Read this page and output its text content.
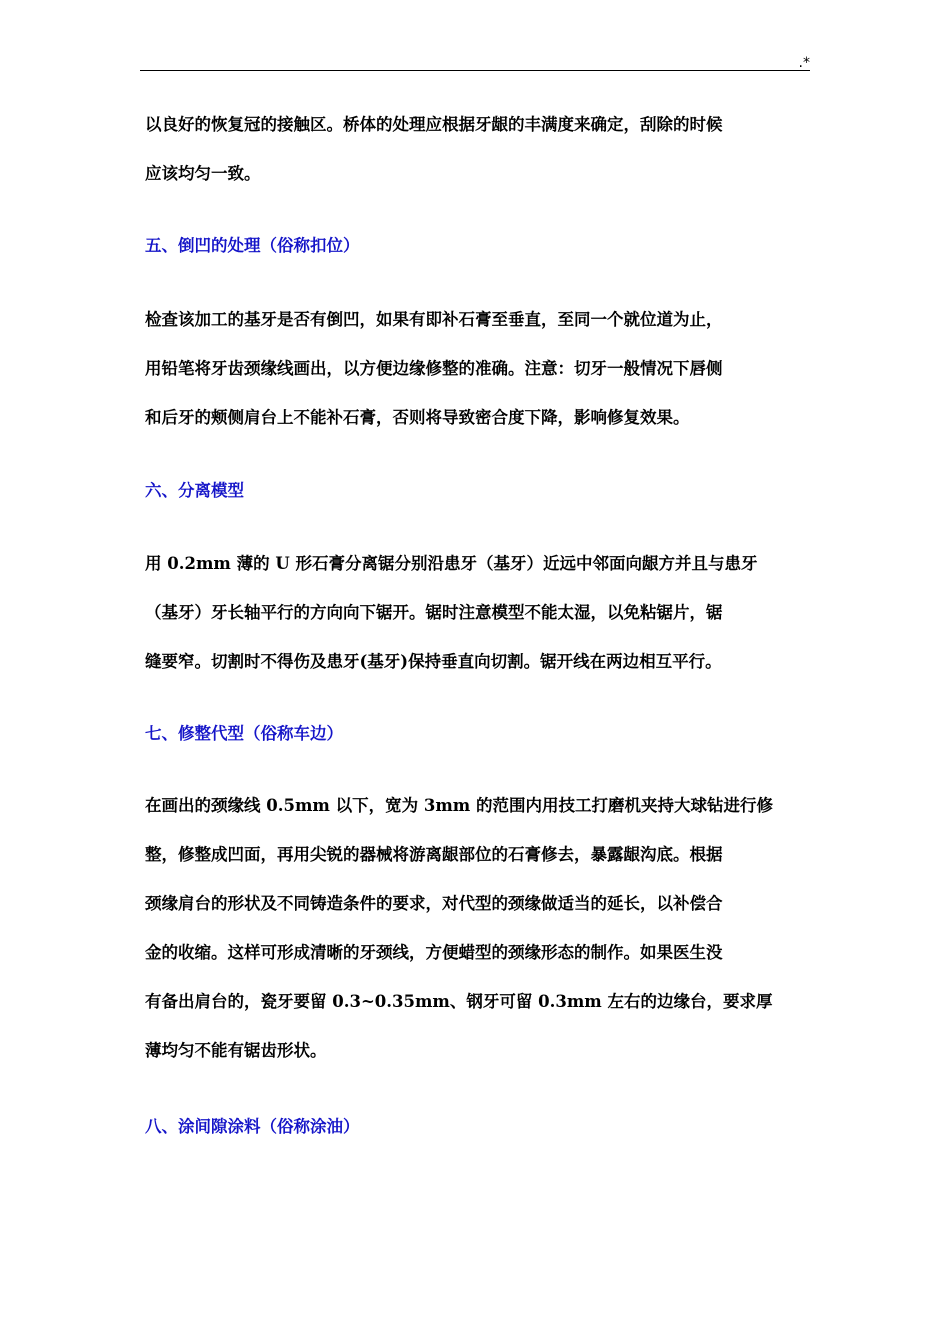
.*
以良好的恢复冠的接触区。桥体的处理应根据牙龈的丰满度来确定，刮除的时候
应该均匀一致。
五、倒凹的处理（俗称扣位）
检查该加工的基牙是否有倒凹，如果有即补石膏至垂直，至同一个就位道为止，
用铅笔将牙齿颈缘线画出，以方便边缘修整的准确。注意：切牙一般情况下唇侧
和后牙的颊侧肩台上不能补石膏，否则将导致密合度下降，影响修复效果。
六、分离模型
用 0.2mm 薄的 U 形石膏分离锯分别沿患牙（基牙）近远中邻面向龈方并且与患牙
（基牙）牙长轴平行的方向向下锯开。锯时注意模型不能太湿，以免粘锯片，锯
缝要窄。切割时不得伤及患牙(基牙)保持垂直向切割。锯开线在两边相互平行。
七、修整代型（俗称车边）
在画出的颈缘线 0.5mm 以下，宽为 3mm 的范围内用技工打磨机夹持大球钻进行修
整，修整成凹面，再用尖锐的器械将游离龈部位的石膏修去，暴露龈沟底。根据
颈缘肩台的形状及不同铸造条件的要求，对代型的颈缘做适当的延长，以补偿合
金的收缩。这样可形成清晰的牙颈线，方便蜡型的颈缘形态的制作。如果医生没
有备出肩台的，瓷牙要留 0.3~0.35mm、钢牙可留 0.3mm 左右的边缘台，要求厚
薄均匀不能有锯齿形状。
八、涂间隙涂料（俗称涂油）
